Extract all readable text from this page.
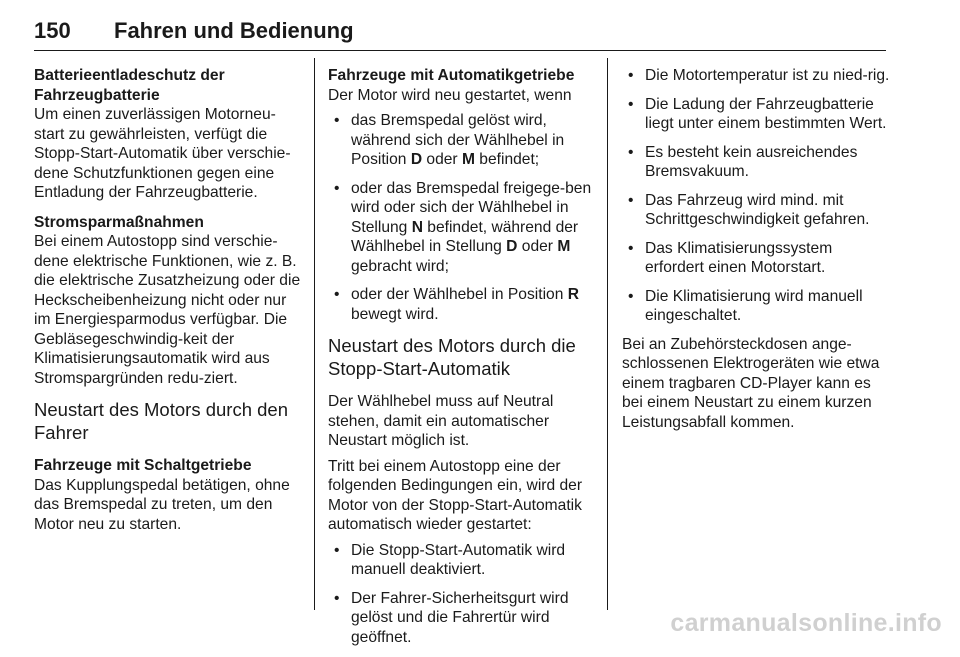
150 Fahren und Bedienung

Batterieentladeschutz der Fahrzeugbatterie

Um einen zuverlässigen Motorneu-start zu gewährleisten, verfügt die Stopp-Start-Automatik über verschie-dene Schutzfunktionen gegen eine Entladung der Fahrzeugbatterie.

Stromsparmaßnahmen

Bei einem Autostopp sind verschie-dene elektrische Funktionen, wie z. B. die elektrische Zusatzheizung oder die Heckscheibenheizung nicht oder nur im Energiesparmodus verfügbar. Die Gebläsegeschwindig-keit der Klimatisierungsautomatik wird aus Stromspargründen redu-ziert.

Neustart des Motors durch den Fahrer

Fahrzeuge mit Schaltgetriebe

Das Kupplungspedal betätigen, ohne das Bremspedal zu treten, um den Motor neu zu starten.

Fahrzeuge mit Automatikgetriebe

Der Motor wird neu gestartet, wenn

• das Bremspedal gelöst wird, während sich der Wählhebel in Position D oder M befindet;
• oder das Bremspedal freigege-ben wird oder sich der Wählhebel in Stellung N befindet, während der Wählhebel in Stellung D oder M gebracht wird;
• oder der Wählhebel in Position R bewegt wird.
Neustart des Motors durch die Stopp-Start-Automatik

Der Wählhebel muss auf Neutral stehen, damit ein automatischer Neustart möglich ist.

Tritt bei einem Autostopp eine der folgenden Bedingungen ein, wird der Motor von der Stopp-Start-Automatik automatisch wieder gestartet:

• Die Stopp-Start-Automatik wird manuell deaktiviert.
• Der Fahrer-Sicherheitsgurt wird gelöst und die Fahrertür wird geöffnet.
• Die Motortemperatur ist zu nied-rig.
• Die Ladung der Fahrzeugbatterie liegt unter einem bestimmten Wert.
• Es besteht kein ausreichendes Bremsvakuum.
• Das Fahrzeug wird mind. mit Schrittgeschwindigkeit gefahren.
• Das Klimatisierungssystem erfordert einen Motorstart.
• Die Klimatisierung wird manuell eingeschaltet.

Bei an Zubehörsteckdosen ange-schlossenen Elektrogeräten wie etwa einem tragbaren CD-Player kann es bei einem Neustart zu einem kurzen Leistungsabfall kommen.

carmanualsonline.info
